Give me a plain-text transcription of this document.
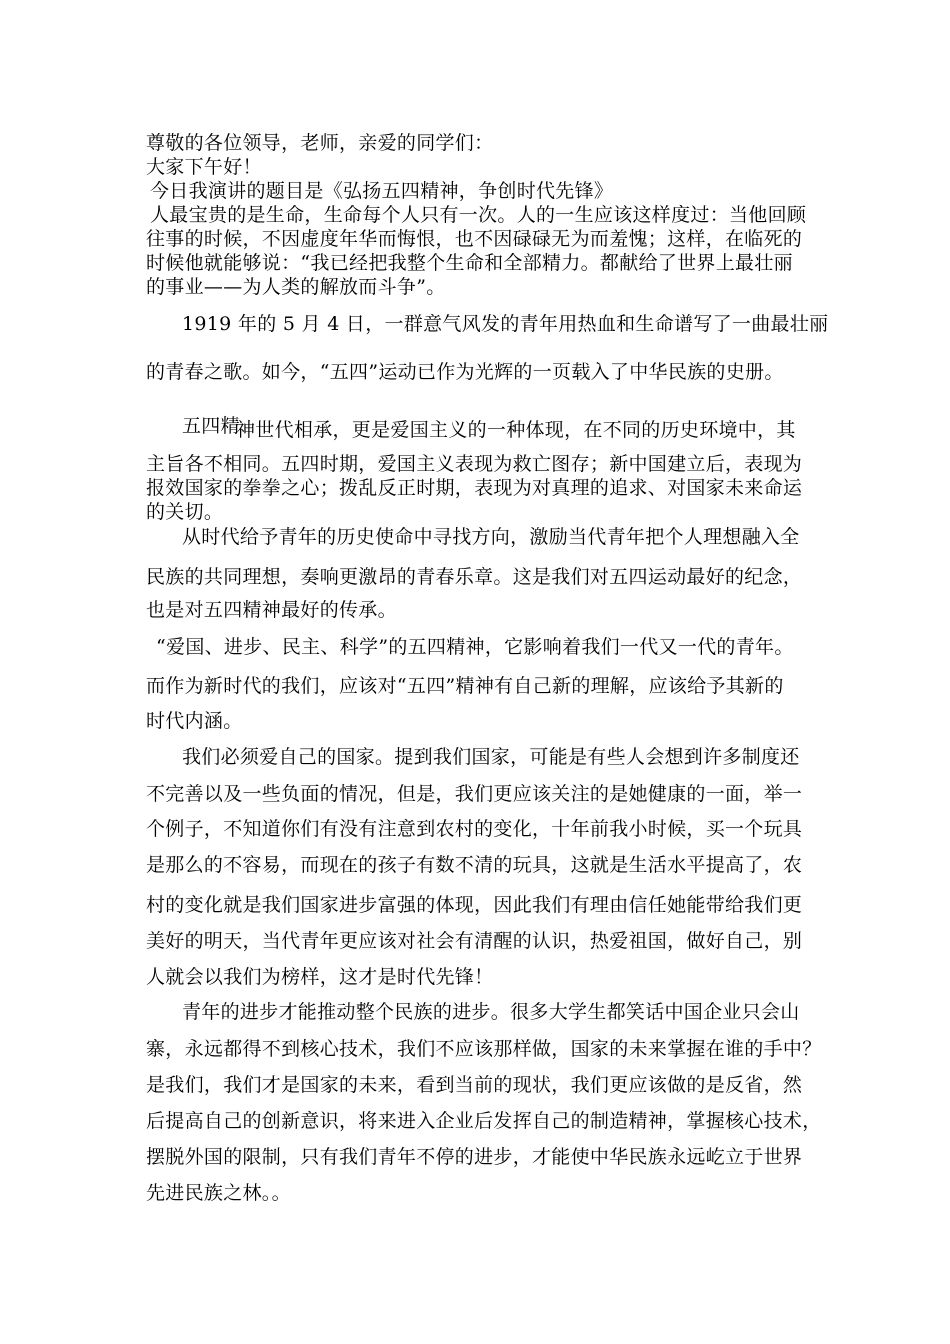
尊敬的各位领导，老师，亲爱的同学们：
大家下午好！
今日我演讲的题目是《弘扬五四精神，争创时代先锋》
人最宝贵的是生命，生命每个人只有一次。人的一生应该这样度过：当他回顾
往事的时候，不因虚度年华而悔恨，也不因碌碌无为而羞愧；这样，在临死的
时候他就能够说：“我已经把我整个生命和全部精力。都献给了世界上最壮丽
的事业——为人类的解放而斗争”。
1919 年的 5 月 4 日，一群意气风发的青年用热血和生命谱写了一曲最壮丽
的青春之歌。如今，“五四”运动已作为光辉的一页载入了中华民族的史册。
五四精
神世代相承，更是爱国主义的一种体现，在不同的历史环境中，其
主旨各不相同。五四时期，爱国主义表现为救亡图存；新中国建立后，表现为
报效国家的拳拳之心；拨乱反正时期，表现为对真理的追求、对国家未来命运
的关切。
从时代给予青年的历史使命中寻找方向，激励当代青年把个人理想融入全
民族的共同理想，奏响更激昂的青春乐章。这是我们对五四运动最好的纪念，
也是对五四精神最好的传承。
“爱国、进步、民主、科学”的五四精神，它影响着我们一代又一代的青年。
而作为新时代的我们，应该对“五四”精神有自己新的理解，应该给予其新的
时代内涵。
我们必须爱自己的国家。提到我们国家，可能是有些人会想到许多制度还
不完善以及一些负面的情况，但是，我们更应该关注的是她健康的一面，举一
个例子，不知道你们有没有注意到农村的变化，十年前我小时候，买一个玩具
是那么的不容易，而现在的孩子有数不清的玩具，这就是生活水平提高了，农
村的变化就是我们国家进步富强的体现，因此我们有理由信任她能带给我们更
美好的明天，当代青年更应该对社会有清醒的认识，热爱祖国，做好自己，别
人就会以我们为榜样，这才是时代先锋！
青年的进步才能推动整个民族的进步。很多大学生都笑话中国企业只会山
寨，永远都得不到核心技术，我们不应该那样做，国家的未来掌握在谁的手中？
是我们，我们才是国家的未来，看到当前的现状，我们更应该做的是反省，然
后提高自己的创新意识，将来进入企业后发挥自己的制造精神，掌握核心技术，
摆脱外国的限制，只有我们青年不停的进步，才能使中华民族永远屹立于世界
先进民族之林。。
